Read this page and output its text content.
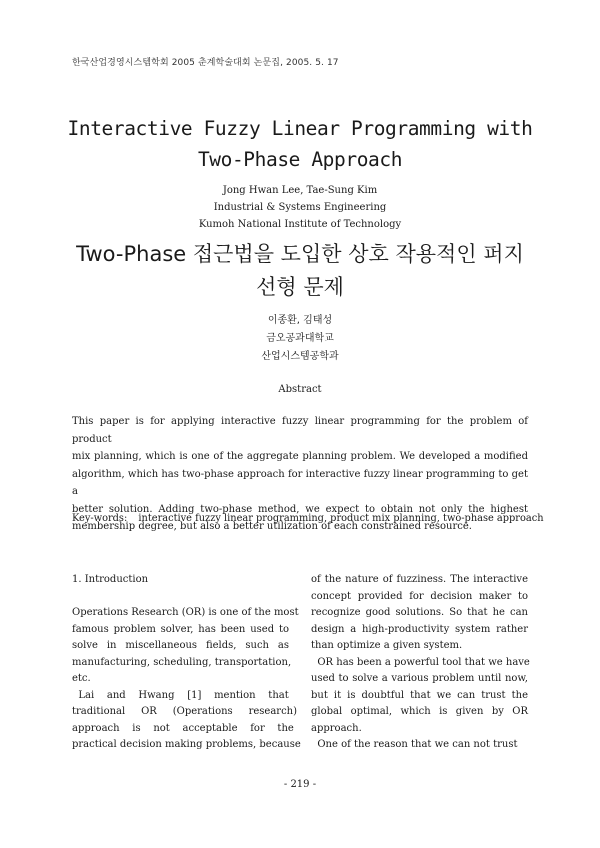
한국산업경영시스템학회 2005 춘계학술대회 논문집, 2005. 5. 17
Interactive Fuzzy Linear Programming with
Two-Phase Approach
Jong Hwan Lee, Tae-Sung Kim
Industrial & Systems Engineering
Kumoh National Institute of Technology
Two-Phase 접근법을 도입한 상호 작용적인 퍼지
선형 문제
이종환, 김태성
금오공과대학교
산업시스템공학과
Abstract
This paper is for applying interactive fuzzy linear programming for the problem of product
mix planning, which is one of the aggregate planning problem. We developed a modified
algorithm, which has two-phase approach for interactive fuzzy linear programming to get a
better solution. Adding two-phase method, we expect to obtain not only the highest
membership degree, but also a better utilization of each constrained resource.
Key-words: interactive fuzzy linear programming, product mix planning, two-phase approach
1. Introduction
Operations Research (OR) is one of the most
famous problem solver, has been used to
solve in miscellaneous fields, such as
manufacturing, scheduling, transportation,
etc.
Lai    and    Hwang    [1]    mention    that
traditional     OR     (Operations     research)
approach    is    not    acceptable    for    the
practical decision making problems, because
of the nature of fuzziness. The interactive
concept provided for decision maker to
recognize good solutions. So that he can
design a high-productivity system rather
than optimize a given system.
OR has been a powerful tool that we have
used to solve a various problem until now,
but it is doubtful that we can trust the
global optimal, which is given by OR
approach.
One of the reason that we can not trust
- 219 -
